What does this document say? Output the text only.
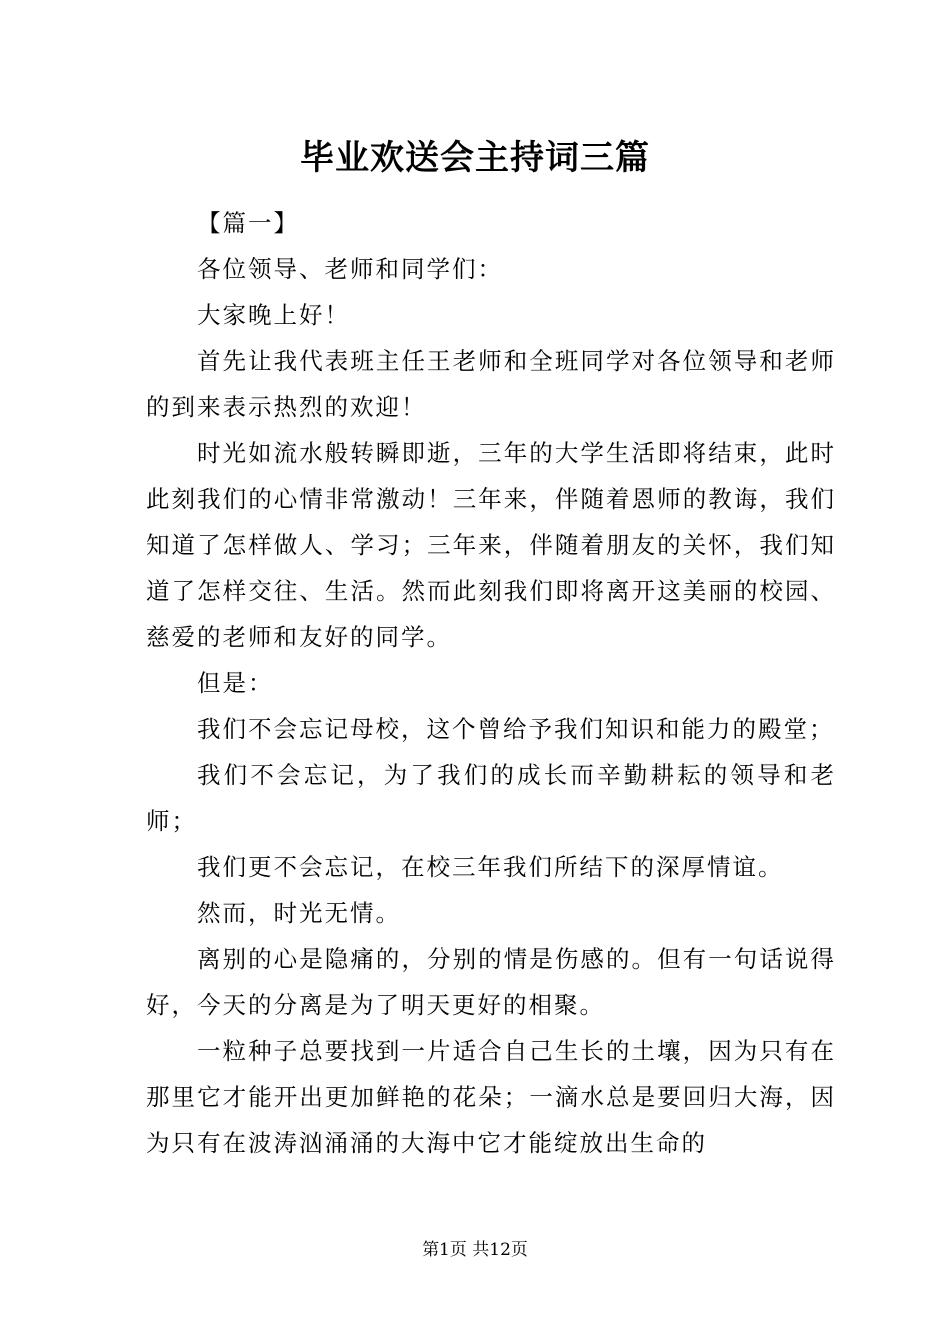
毕业欢送会主持词三篇

【篇一】

各位领导、老师和同学们：

大家晚上好！

首先让我代表班主任王老师和全班同学对各位领导和老师的到来表示热烈的欢迎！

时光如流水般转瞬即逝，三年的大学生活即将结束，此时此刻我们的心情非常激动！三年来，伴随着恩师的教诲，我们知道了怎样做人、学习；三年来，伴随着朋友的关怀，我们知道了怎样交往、生活。然而此刻我们即将离开这美丽的校园、慈爱的老师和友好的同学。

但是：

我们不会忘记母校，这个曾给予我们知识和能力的殿堂；

我们不会忘记，为了我们的成长而辛勤耕耘的领导和老师；

我们更不会忘记，在校三年我们所结下的深厚情谊。

然而，时光无情。

离别的心是隐痛的，分别的情是伤感的。但有一句话说得好，今天的分离是为了明天更好的相聚。

一粒种子总要找到一片适合自己生长的土壤，因为只有在那里它才能开出更加鲜艳的花朵；一滴水总是要回归大海，因为只有在波涛汹涌涌的大海中它才能绽放出生命的

第1页 共12页
